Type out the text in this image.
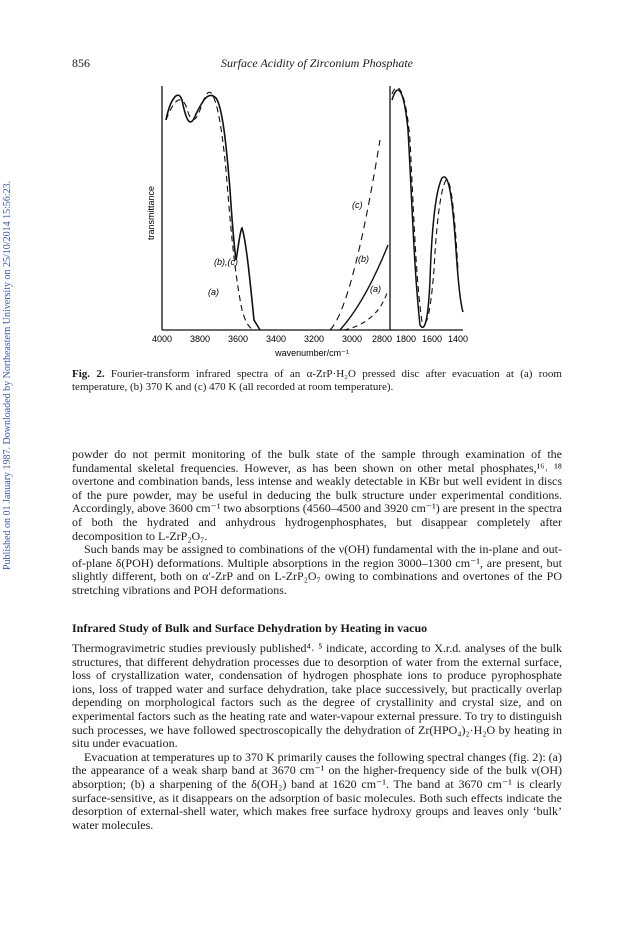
Published on 01 January 1987. Downloaded by Northeastern University on 25/10/2014 15:56:23.
856	Surface Acidity of Zirconium Phosphate
(b),(c)
(a)
(c)
(b)
(a)
transmittance
4000 3800 3600 3400 3200 3000 2800 1800 1600 1400
wavenumber/cm⁻¹
Fig. 2. Fourier-transform infrared spectra of an α-ZrP·H₂O pressed disc after evacuation at (a) room temperature, (b) 370 K and (c) 470 K (all recorded at room temperature).

powder do not permit monitoring of the bulk state of the sample through examination of the fundamental skeletal frequencies. However, as has been shown on other metal phosphates,¹⁶˒ ¹⁸ overtone and combination bands, less intense and weakly detectable in KBr but well evident in discs of the pure powder, may be useful in deducing the bulk structure under experimental conditions. Accordingly, above 3600 cm⁻¹ two absorptions (4560–4500 and 3920 cm⁻¹) are present in the spectra of both the hydrated and anhydrous hydrogenphosphates, but disappear completely after decomposition to L-ZrP₂O₇.

Such bands may be assigned to combinations of the ν(OH) fundamental with the in-plane and out-of-plane δ(POH) deformations. Multiple absorptions in the region 3000–1300 cm⁻¹, are present, but slightly different, both on α′-ZrP and on L-ZrP₂O₇ owing to combinations and overtones of the PO stretching vibrations and POH deformations.

Infrared Study of Bulk and Surface Dehydration by Heating in vacuo

Thermogravimetric studies previously published⁴˒ ⁵ indicate, according to X.r.d. analyses of the bulk structures, that different dehydration processes due to desorption of water from the external surface, loss of crystallization water, condensation of hydrogen phosphate ions to produce pyrophosphate ions, loss of trapped water and surface dehydration, take place successively, but practically overlap depending on morphological factors such as the degree of crystallinity and crystal size, and on experimental factors such as the heating rate and water-vapour external pressure. To try to distinguish such processes, we have followed spectroscopically the dehydration of Zr(HPO₄)₂·H₂O by heating in situ under evacuation.

Evacuation at temperatures up to 370 K primarily causes the following spectral changes (fig. 2): (a) the appearance of a weak sharp band at 3670 cm⁻¹ on the higher-frequency side of the bulk ν(OH) absorption; (b) a sharpening of the δ(OH₂) band at 1620 cm⁻¹. The band at 3670 cm⁻¹ is clearly surface-sensitive, as it disappears on the adsorption of basic molecules. Both such effects indicate the desorption of external-shell water, which makes free surface hydroxy groups and leaves only ‘bulk’ water molecules.
